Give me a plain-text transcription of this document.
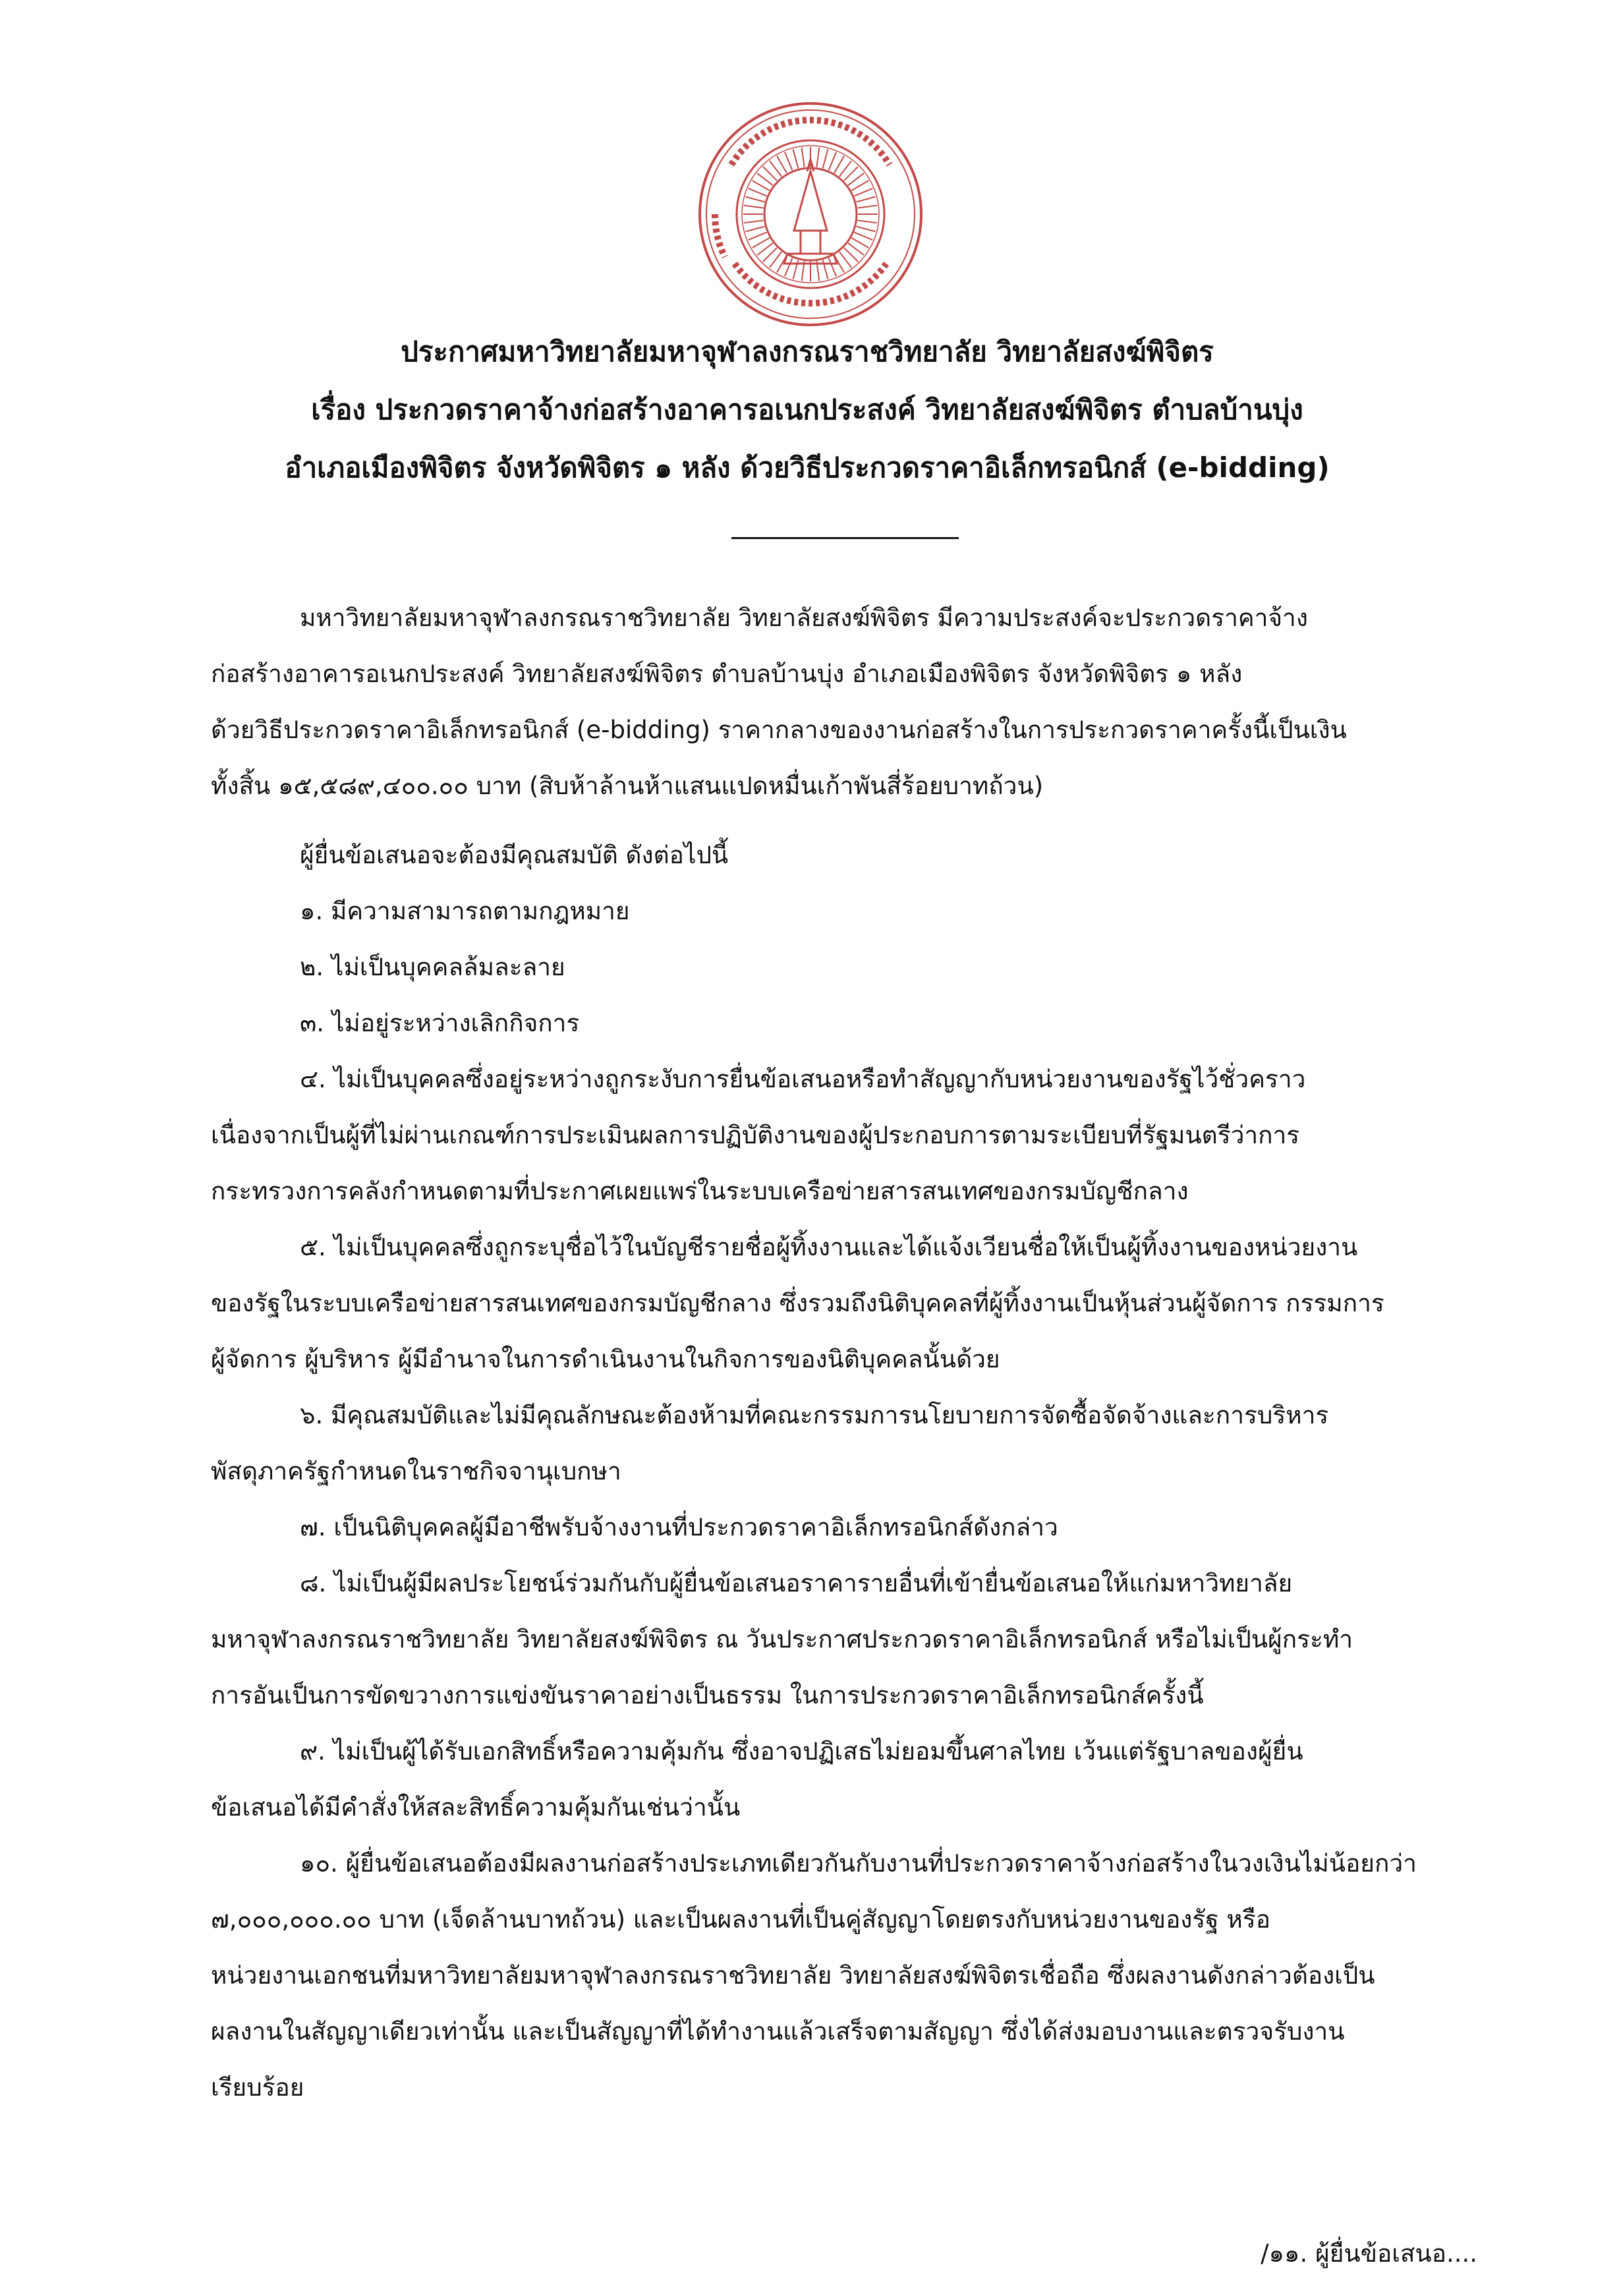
ประกาศมหาวิทยาลัยมหาจุฬาลงกรณราชวิทยาลัย วิทยาลัยสงฆ์พิจิตร
เรื่อง ประกวดราคาจ้างก่อสร้างอาคารอเนกประสงค์ วิทยาลัยสงฆ์พิจิตร ตำบลบ้านบุ่ง
อำเภอเมืองพิจิตร จังหวัดพิจิตร ๑ หลัง ด้วยวิธีประกวดราคาอิเล็กทรอนิกส์ (e-bidding)
มหาวิทยาลัยมหาจุฬาลงกรณราชวิทยาลัย วิทยาลัยสงฆ์พิจิตร มีความประสงค์จะประกวดราคาจ้าง
ก่อสร้างอาคารอเนกประสงค์ วิทยาลัยสงฆ์พิจิตร ตำบลบ้านบุ่ง อำเภอเมืองพิจิตร จังหวัดพิจิตร ๑ หลัง
ด้วยวิธีประกวดราคาอิเล็กทรอนิกส์ (e-bidding) ราคากลางของงานก่อสร้างในการประกวดราคาครั้งนี้เป็นเงิน
ทั้งสิ้น ๑๕,๕๘๙,๔๐๐.๐๐ บาท (สิบห้าล้านห้าแสนแปดหมื่นเก้าพันสี่ร้อยบาทถ้วน)
ผู้ยื่นข้อเสนอจะต้องมีคุณสมบัติ ดังต่อไปนี้
๑. มีความสามารถตามกฎหมาย
๒. ไม่เป็นบุคคลล้มละลาย
๓. ไม่อยู่ระหว่างเลิกกิจการ
๔. ไม่เป็นบุคคลซึ่งอยู่ระหว่างถูกระงับการยื่นข้อเสนอหรือทำสัญญากับหน่วยงานของรัฐไว้ชั่วคราว
เนื่องจากเป็นผู้ที่ไม่ผ่านเกณฑ์การประเมินผลการปฏิบัติงานของผู้ประกอบการตามระเบียบที่รัฐมนตรีว่าการ
กระทรวงการคลังกำหนดตามที่ประกาศเผยแพร่ในระบบเครือข่ายสารสนเทศของกรมบัญชีกลาง
๕. ไม่เป็นบุคคลซึ่งถูกระบุชื่อไว้ในบัญชีรายชื่อผู้ทิ้งงานและได้แจ้งเวียนชื่อให้เป็นผู้ทิ้งงานของหน่วยงาน
ของรัฐในระบบเครือข่ายสารสนเทศของกรมบัญชีกลาง ซึ่งรวมถึงนิติบุคคลที่ผู้ทิ้งงานเป็นหุ้นส่วนผู้จัดการ กรรมการ
ผู้จัดการ ผู้บริหาร ผู้มีอำนาจในการดำเนินงานในกิจการของนิติบุคคลนั้นด้วย
๖. มีคุณสมบัติและไม่มีคุณลักษณะต้องห้ามที่คณะกรรมการนโยบายการจัดซื้อจัดจ้างและการบริหาร
พัสดุภาครัฐกำหนดในราชกิจจานุเบกษา
๗. เป็นนิติบุคคลผู้มีอาชีพรับจ้างงานที่ประกวดราคาอิเล็กทรอนิกส์ดังกล่าว
๘. ไม่เป็นผู้มีผลประโยชน์ร่วมกันกับผู้ยื่นข้อเสนอราคารายอื่นที่เข้ายื่นข้อเสนอให้แก่มหาวิทยาลัย
มหาจุฬาลงกรณราชวิทยาลัย วิทยาลัยสงฆ์พิจิตร ณ วันประกาศประกวดราคาอิเล็กทรอนิกส์ หรือไม่เป็นผู้กระทำ
การอันเป็นการขัดขวางการแข่งขันราคาอย่างเป็นธรรม ในการประกวดราคาอิเล็กทรอนิกส์ครั้งนี้
๙. ไม่เป็นผู้ได้รับเอกสิทธิ์หรือความคุ้มกัน ซึ่งอาจปฏิเสธไม่ยอมขึ้นศาลไทย เว้นแต่รัฐบาลของผู้ยื่น
ข้อเสนอได้มีคำสั่งให้สละสิทธิ์ความคุ้มกันเช่นว่านั้น
๑๐. ผู้ยื่นข้อเสนอต้องมีผลงานก่อสร้างประเภทเดียวกันกับงานที่ประกวดราคาจ้างก่อสร้างในวงเงินไม่น้อยกว่า
๗,๐๐๐,๐๐๐.๐๐ บาท (เจ็ดล้านบาทถ้วน) และเป็นผลงานที่เป็นคู่สัญญาโดยตรงกับหน่วยงานของรัฐ หรือ
หน่วยงานเอกชนที่มหาวิทยาลัยมหาจุฬาลงกรณราชวิทยาลัย วิทยาลัยสงฆ์พิจิตรเชื่อถือ ซึ่งผลงานดังกล่าวต้องเป็น
ผลงานในสัญญาเดียวเท่านั้น และเป็นสัญญาที่ได้ทำงานแล้วเสร็จตามสัญญา ซึ่งได้ส่งมอบงานและตรวจรับงาน
เรียบร้อย
/๑๑. ผู้ยื่นข้อเสนอ....
